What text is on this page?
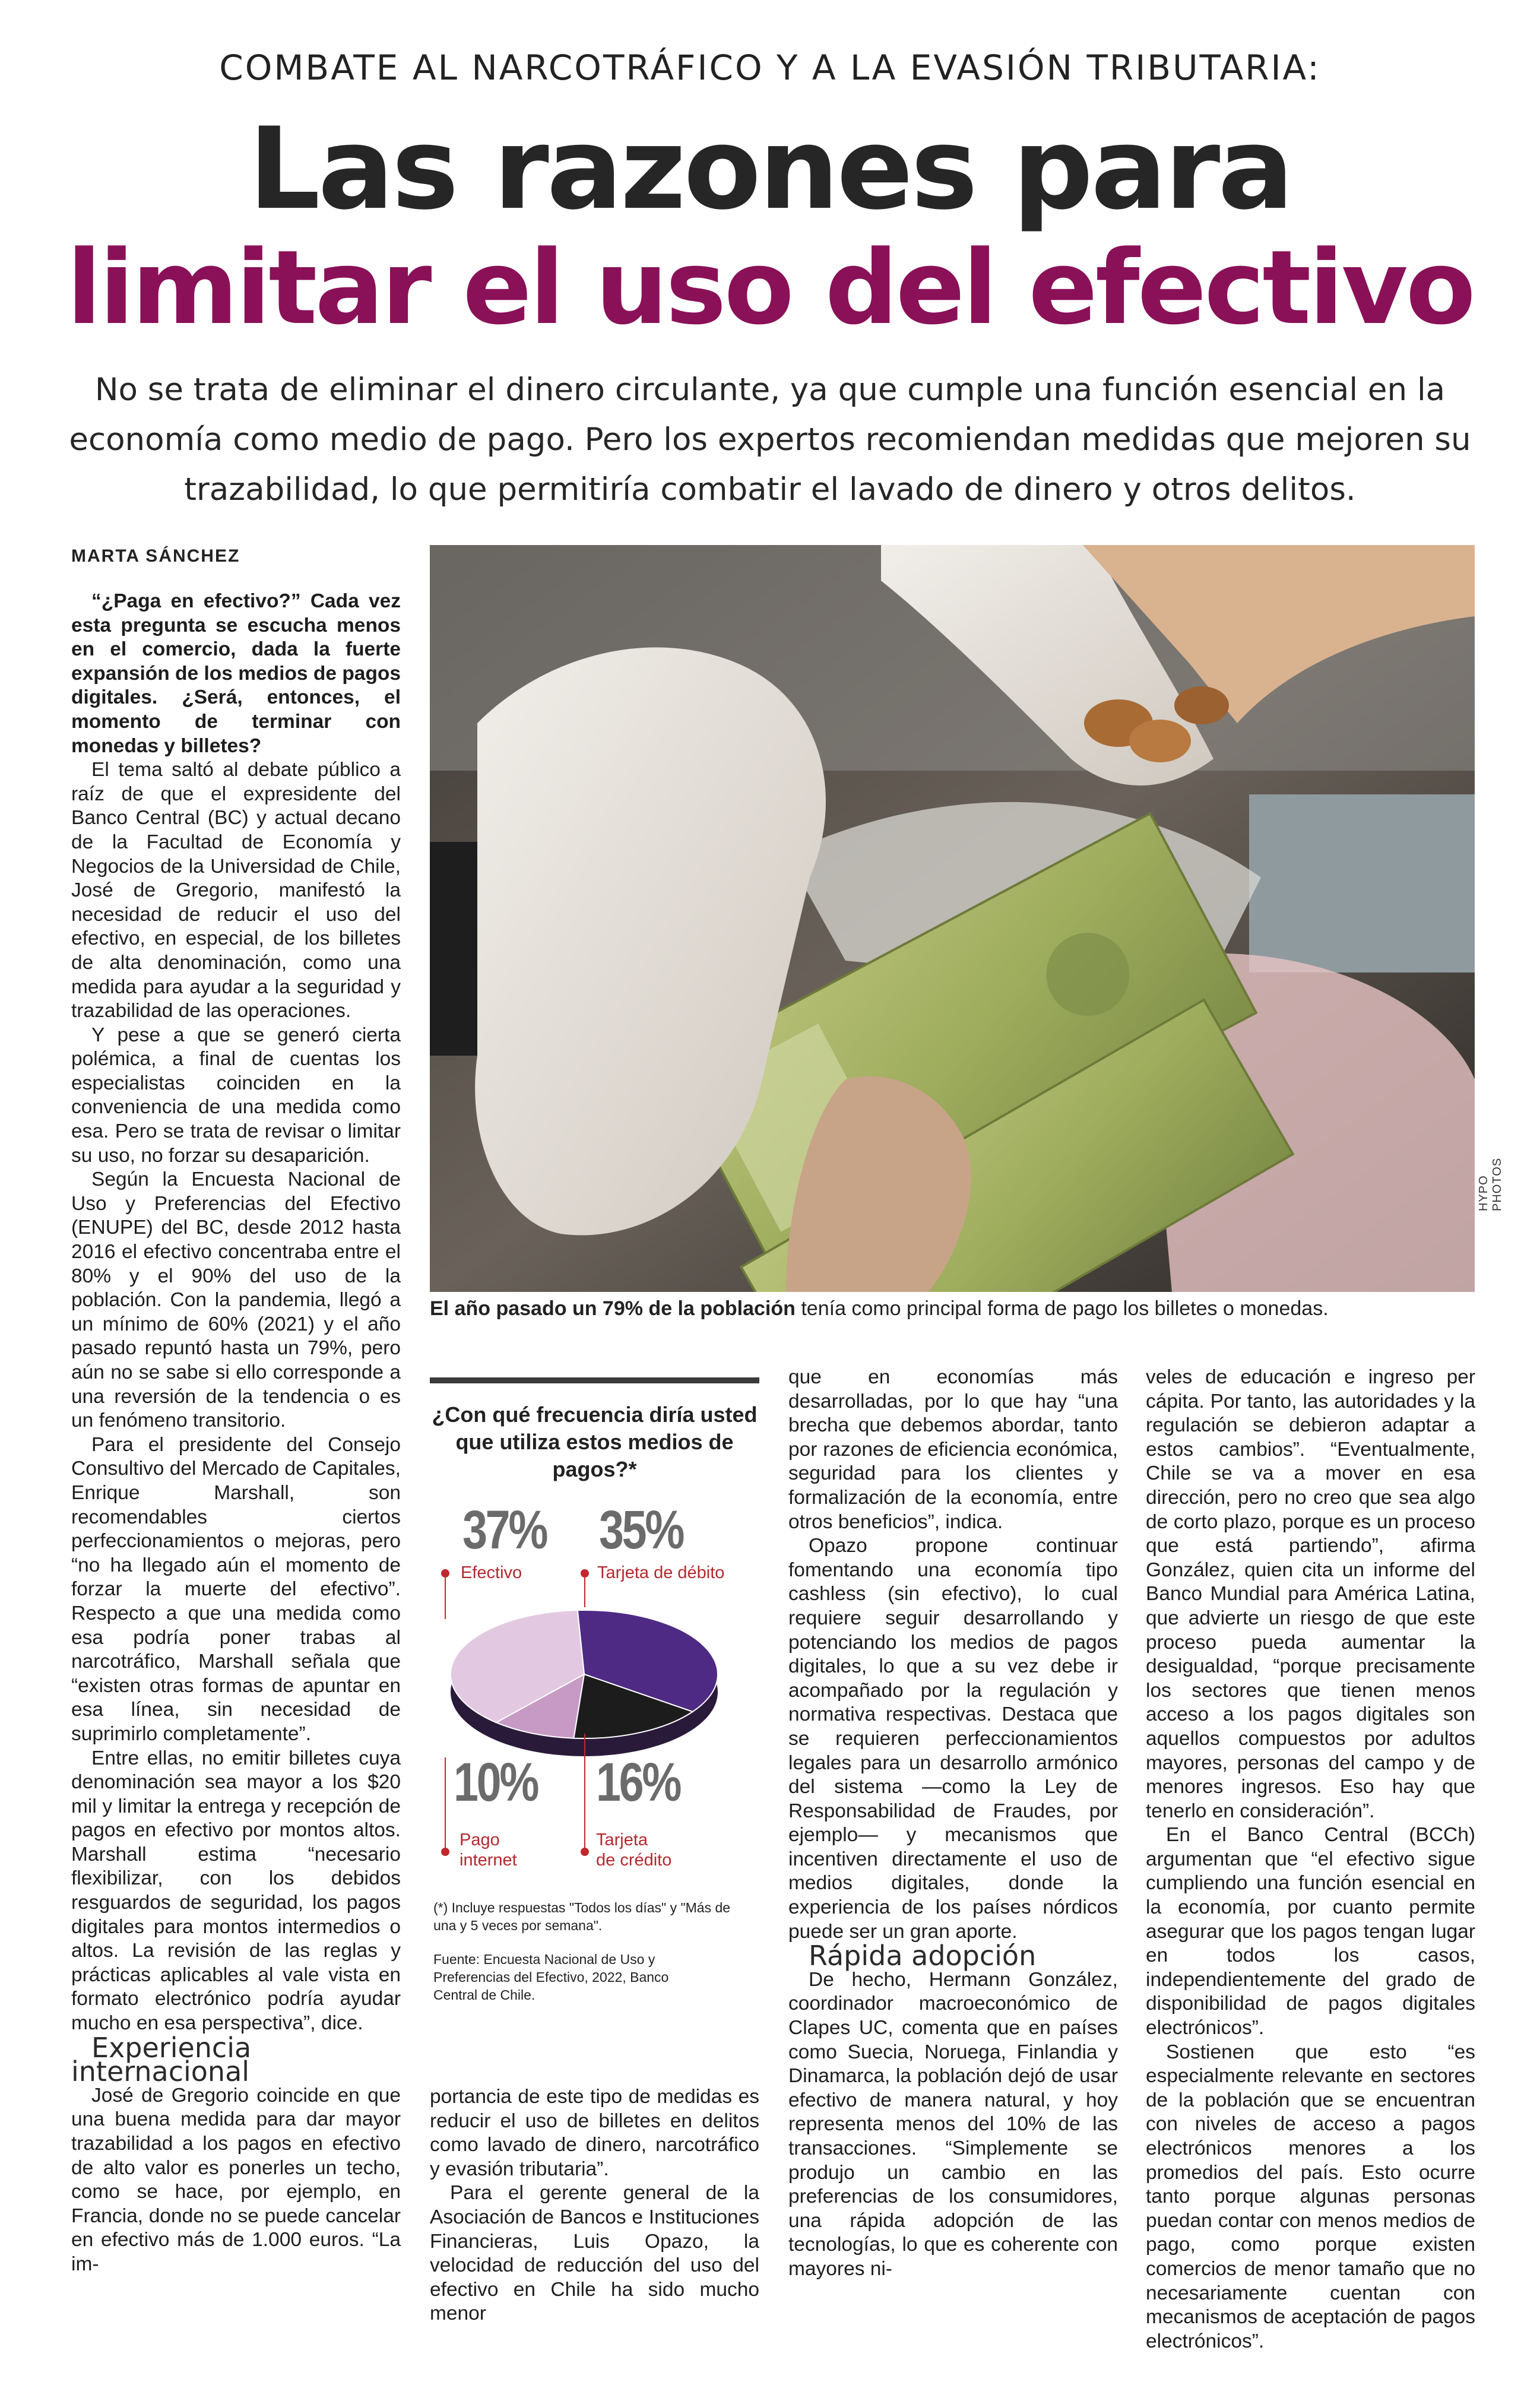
COMBATE AL NARCOTRÁFICO Y A LA EVASIÓN TRIBUTARIA:
Las razones para
limitar el uso del efectivo
No se trata de eliminar el dinero circulante, ya que cumple una función esencial en la economía como medio de pago. Pero los expertos recomiendan medidas que mejoren su trazabilidad, lo que permitiría combatir el lavado de dinero y otros delitos.
MARTA SÁNCHEZ
HYPO PHOTOS
El año pasado un 79% de la población tenía como principal forma de pago los billetes o monedas.

“¿Paga en efectivo?” Cada vez esta pregunta se escucha menos en el comercio, dada la fuerte expansión de los medios de pagos digitales. ¿Será, entonces, el momento de terminar con monedas y billetes?

El tema saltó al debate público a raíz de que el expresidente del Banco Central (BC) y actual decano de la Facultad de Economía y Negocios de la Universidad de Chile, José de Gregorio, manifestó la necesidad de reducir el uso del efectivo, en especial, de los billetes de alta denominación, como una medida para ayudar a la seguridad y trazabilidad de las operaciones.

Y pese a que se generó cierta polémica, a final de cuentas los especialistas coinciden en la conveniencia de una medida como esa. Pero se trata de revisar o limitar su uso, no forzar su desaparición.

Según la Encuesta Nacional de Uso y Preferencias del Efectivo (ENUPE) del BC, desde 2012 hasta 2016 el efectivo concentraba entre el 80% y el 90% del uso de la población. Con la pandemia, llegó a un mínimo de 60% (2021) y el año pasado repuntó hasta un 79%, pero aún no se sabe si ello corresponde a una reversión de la tendencia o es un fenómeno transitorio.

Para el presidente del Consejo Consultivo del Mercado de Capitales, Enrique Marshall, son recomendables ciertos perfeccionamientos o mejoras, pero “no ha llegado aún el momento de forzar la muerte del efectivo”. Respecto a que una medida como esa podría poner trabas al narcotráfico, Marshall señala que “existen otras formas de apuntar en esa línea, sin necesidad de suprimirlo completamente”.

Entre ellas, no emitir billetes cuya denominación sea mayor a los $20 mil y limitar la entrega y recepción de pagos en efectivo por montos altos. Marshall estima “necesario flexibilizar, con los debidos resguardos de seguridad, los pagos digitales para montos intermedios o altos. La revisión de las reglas y prácticas aplicables al vale vista en formato electrónico podría ayudar mucho en esa perspectiva”, dice.

Experiencia internacional

José de Gregorio coincide en que una buena medida para dar mayor trazabilidad a los pagos en efectivo de alto valor es ponerles un techo, como se hace, por ejemplo, en Francia, donde no se puede cancelar en efectivo más de 1.000 euros. “La im-

¿Con qué frecuencia diría usted que utiliza estos medios de pagos?*
37% 35%
Efectivo	Tarjeta de débito
10% 16%
Pago
internet
Tarjeta
de crédito
(*) Incluye respuestas "Todos los días" y "Más de una y 5 veces por semana".
Fuente: Encuesta Nacional de Uso y Preferencias del Efectivo, 2022, Banco Central de Chile.

portancia de este tipo de medidas es reducir el uso de billetes en delitos como lavado de dinero, narcotráfico y evasión tributaria”.

Para el gerente general de la Asociación de Bancos e Instituciones Financieras, Luis Opazo, la velocidad de reducción del uso del efectivo en Chile ha sido mucho menor

que en economías más desarrolladas, por lo que hay “una brecha que debemos abordar, tanto por razones de eficiencia económica, seguridad para los clientes y formalización de la economía, entre otros beneficios”, indica.

Opazo propone continuar fomentando una economía tipo cashless (sin efectivo), lo cual requiere seguir desarrollando y potenciando los medios de pagos digitales, lo que a su vez debe ir acompañado por la regulación y normativa respectivas. Destaca que se requieren perfeccionamientos legales para un desarrollo armónico del sistema —como la Ley de Responsabilidad de Fraudes, por ejemplo— y mecanismos que incentiven directamente el uso de medios digitales, donde la experiencia de los países nórdicos puede ser un gran aporte.

Rápida adopción

De hecho, Hermann González, coordinador macroeconómico de Clapes UC, comenta que en países como Suecia, Noruega, Finlandia y Dinamarca, la población dejó de usar efectivo de manera natural, y hoy representa menos del 10% de las transacciones. “Simplemente se produjo un cambio en las preferencias de los consumidores, una rápida adopción de las tecnologías, lo que es coherente con mayores ni-

veles de educación e ingreso per cápita. Por tanto, las autoridades y la regulación se debieron adaptar a estos cambios”. “Eventualmente, Chile se va a mover en esa dirección, pero no creo que sea algo de corto plazo, porque es un proceso que está partiendo”, afirma González, quien cita un informe del Banco Mundial para América Latina, que advierte un riesgo de que este proceso pueda aumentar la desigualdad, “porque precisamente los sectores que tienen menos acceso a los pagos digitales son aquellos compuestos por adultos mayores, personas del campo y de menores ingresos. Eso hay que tenerlo en consideración”.

En el Banco Central (BCCh) argumentan que “el efectivo sigue cumpliendo una función esencial en la economía, por cuanto permite asegurar que los pagos tengan lugar en todos los casos, independientemente del grado de disponibilidad de pagos digitales electrónicos”.

Sostienen que esto “es especialmente relevante en sectores de la población que se encuentran con niveles de acceso a pagos electrónicos menores a los promedios del país. Esto ocurre tanto porque algunas personas puedan contar con menos medios de pago, como porque existen comercios de menor tamaño que no necesariamente cuentan con mecanismos de aceptación de pagos electrónicos”.
